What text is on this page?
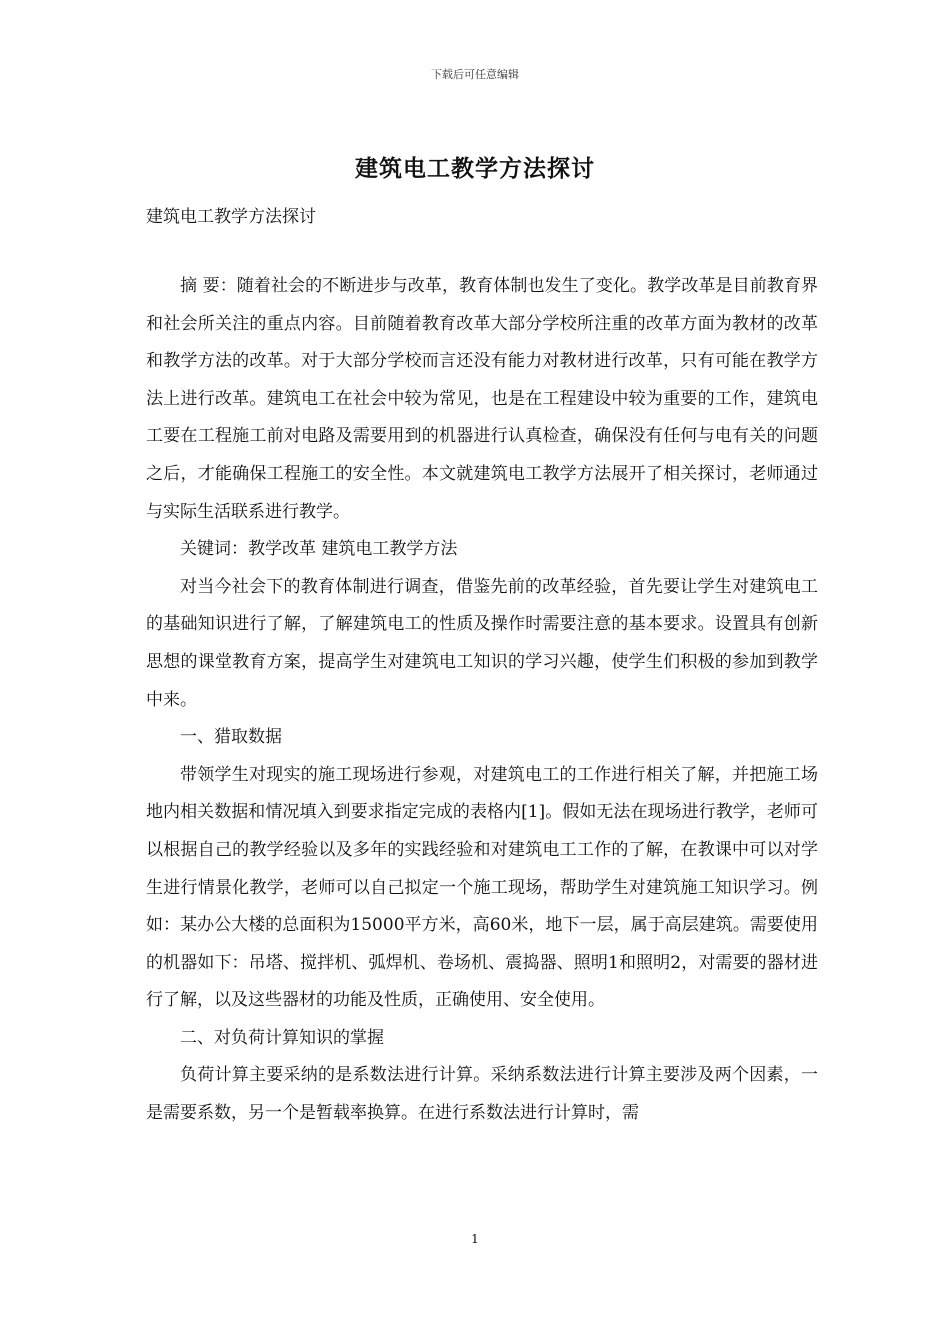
下载后可任意编辑
建筑电工教学方法探讨
建筑电工教学方法探讨

摘 要：随着社会的不断进步与改革，教育体制也发生了变化。教学改革是目前教育界和社会所关注的重点内容。目前随着教育改革大部分学校所注重的改革方面为教材的改革和教学方法的改革。对于大部分学校而言还没有能力对教材进行改革，只有可能在教学方法上进行改革。建筑电工在社会中较为常见，也是在工程建设中较为重要的工作，建筑电工要在工程施工前对电路及需要用到的机器进行认真检查，确保没有任何与电有关的问题之后，才能确保工程施工的安全性。本文就建筑电工教学方法展开了相关探讨，老师通过与实际生活联系进行教学。

关键词：教学改革 建筑电工教学方法

对当今社会下的教育体制进行调查，借鉴先前的改革经验，首先要让学生对建筑电工的基础知识进行了解，了解建筑电工的性质及操作时需要注意的基本要求。设置具有创新思想的课堂教育方案，提高学生对建筑电工知识的学习兴趣，使学生们积极的参加到教学中来。

一、猎取数据

带领学生对现实的施工现场进行参观，对建筑电工的工作进行相关了解，并把施工场地内相关数据和情况填入到要求指定完成的表格内[1]。假如无法在现场进行教学，老师可以根据自己的教学经验以及多年的实践经验和对建筑电工工作的了解，在教课中可以对学生进行情景化教学，老师可以自己拟定一个施工现场，帮助学生对建筑施工知识学习。例如：某办公大楼的总面积为15000平方米，高60米，地下一层，属于高层建筑。需要使用的机器如下：吊塔、搅拌机、弧焊机、卷场机、震捣器、照明1和照明2，对需要的器材进行了解，以及这些器材的功能及性质，正确使用、安全使用。

二、对负荷计算知识的掌握

负荷计算主要采纳的是系数法进行计算。采纳系数法进行计算主要涉及两个因素，一是需要系数，另一个是暂载率换算。在进行系数法进行计算时，需

1
